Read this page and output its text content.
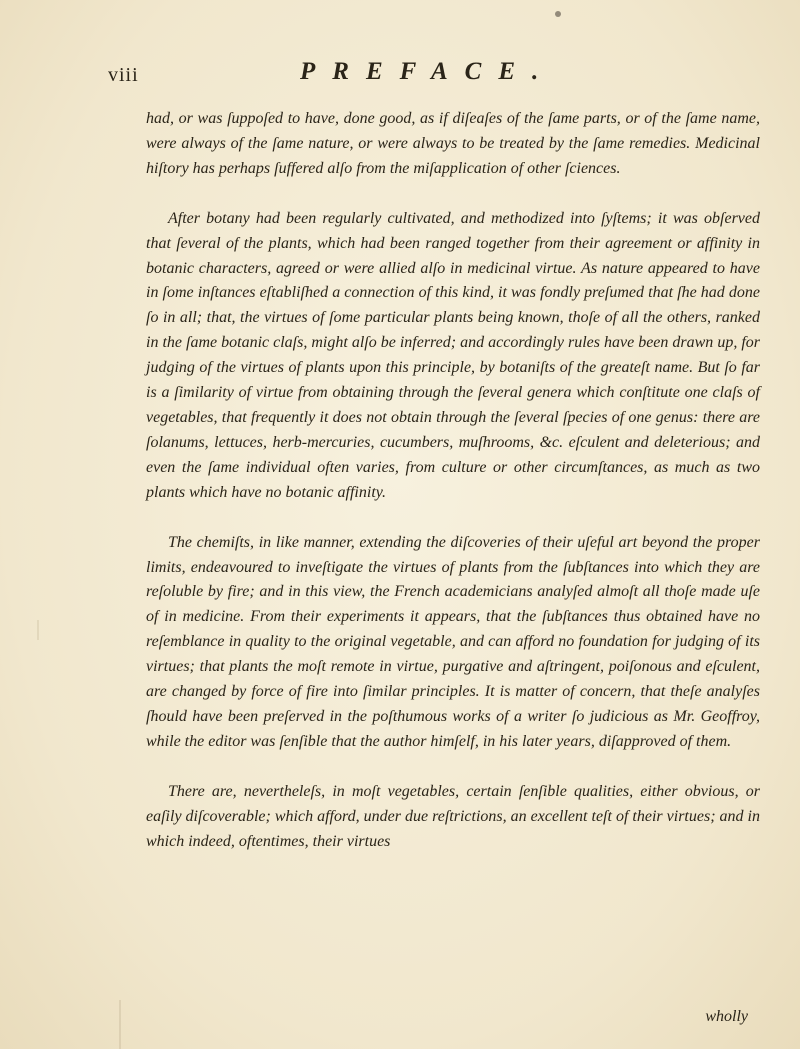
viii	PREFACE.

had, or was ſuppoſed to have, done good, as if diſeaſes of the ſame parts, or of the ſame name, were always of the ſame nature, or were always to be treated by the ſame remedies. Medicinal hiſtory has perhaps ſuffered alſo from the miſapplication of other ſciences.

After botany had been regularly cultivated, and methodized into ſyſtems; it was obſerved that ſeveral of the plants, which had been ranged together from their agreement or affinity in botanic characters, agreed or were allied alſo in medicinal virtue. As nature appeared to have in ſome inſtances eſtabliſhed a connection of this kind, it was fondly preſumed that ſhe had done ſo in all; that, the virtues of ſome particular plants being known, thoſe of all the others, ranked in the ſame botanic claſs, might alſo be inferred; and accordingly rules have been drawn up, for judging of the virtues of plants upon this principle, by botaniſts of the greateſt name. But ſo far is a ſimilarity of virtue from obtaining through the ſeveral genera which conſtitute one claſs of vegetables, that frequently it does not obtain through the ſeveral ſpecies of one genus: there are ſolanums, lettuces, herb-mercuries, cucumbers, muſhrooms, &c. eſculent and deleterious; and even the ſame individual often varies, from culture or other circumſtances, as much as two plants which have no botanic affinity.

The chemiſts, in like manner, extending the diſcoveries of their uſeful art beyond the proper limits, endeavoured to inveſtigate the virtues of plants from the ſubſtances into which they are reſoluble by fire; and in this view, the French academicians analyſed almoſt all thoſe made uſe of in medicine. From their experiments it appears, that the ſubſtances thus obtained have no reſemblance in quality to the original vegetable, and can afford no foundation for judging of its virtues; that plants the moſt remote in virtue, purgative and aſtringent, poiſonous and eſculent, are changed by force of fire into ſimilar principles. It is matter of concern, that theſe analyſes ſhould have been preſerved in the poſthumous works of a writer ſo judicious as Mr. Geoffroy, while the editor was ſenſible that the author himſelf, in his later years, diſapproved of them.

There are, neverthelеſs, in moſt vegetables, certain ſenſible qualities, either obvious, or eaſily diſcoverable; which afford, under due reſtrictions, an excellent teſt of their virtues; and in which indeed, oftentimes, their virtues

wholly
